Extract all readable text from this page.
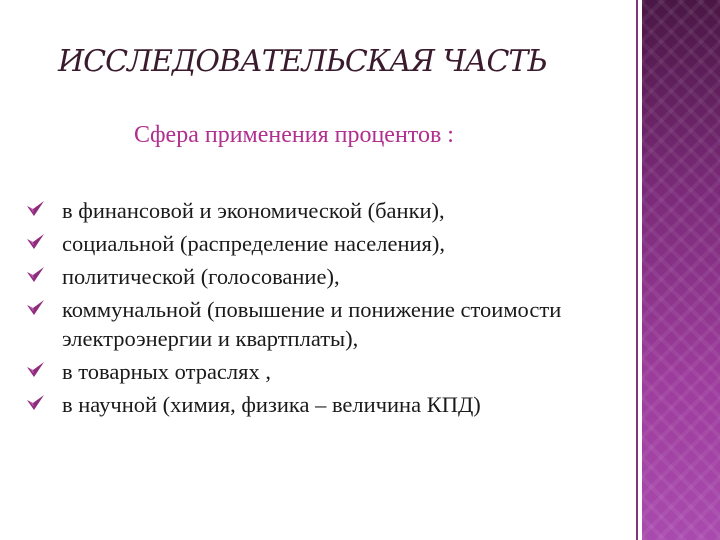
ИССЛЕДОВАТЕЛЬСКАЯ ЧАСТЬ
Сфера применения процентов :
в финансовой и экономической (банки),
социальной (распределение населения),
политической (голосование),
коммунальной (повышение и понижение стоимости электроэнергии и квартплаты),
в товарных отраслях ,
в научной (химия, физика – величина КПД)
